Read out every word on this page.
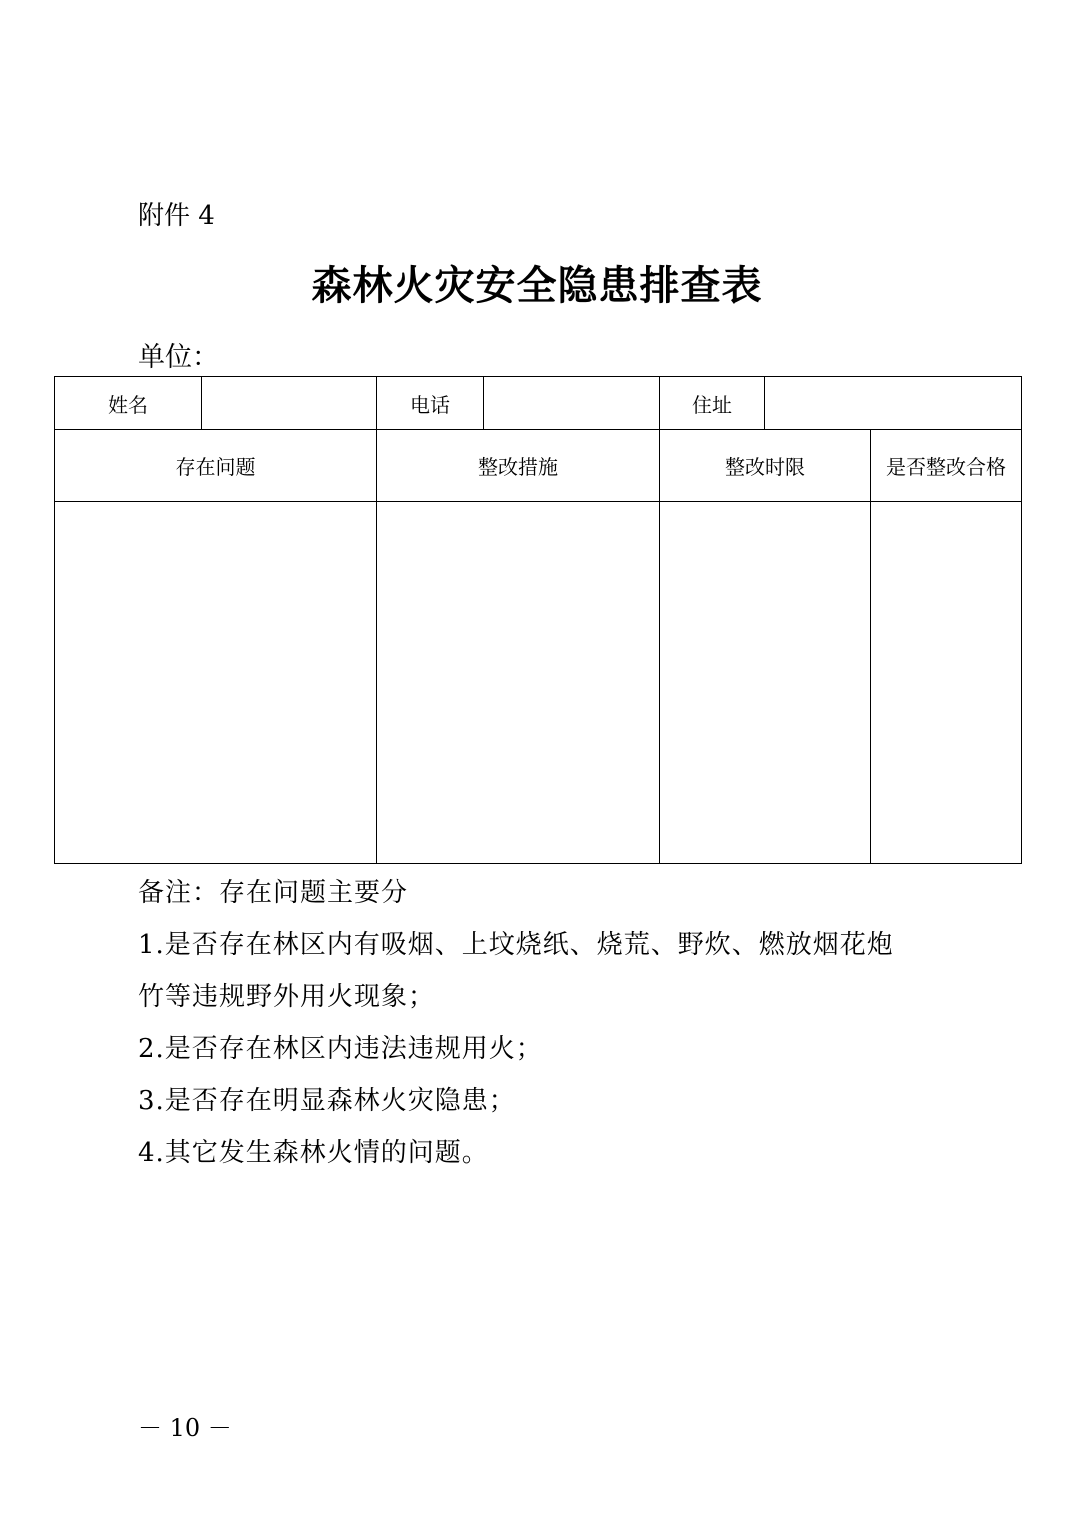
附件 4
森林火灾安全隐患排查表
单位：
姓名		电话		住址		
存在问题		整改措施		整改时限		是否整改合格

备注：存在问题主要分
1.是否存在林区内有吸烟、上坟烧纸、烧荒、野炊、燃放烟花炮
竹等违规野外用火现象；
2.是否存在林区内违法违规用火；
3.是否存在明显森林火灾隐患；
4.其它发生森林火情的问题。
－ 10 －
